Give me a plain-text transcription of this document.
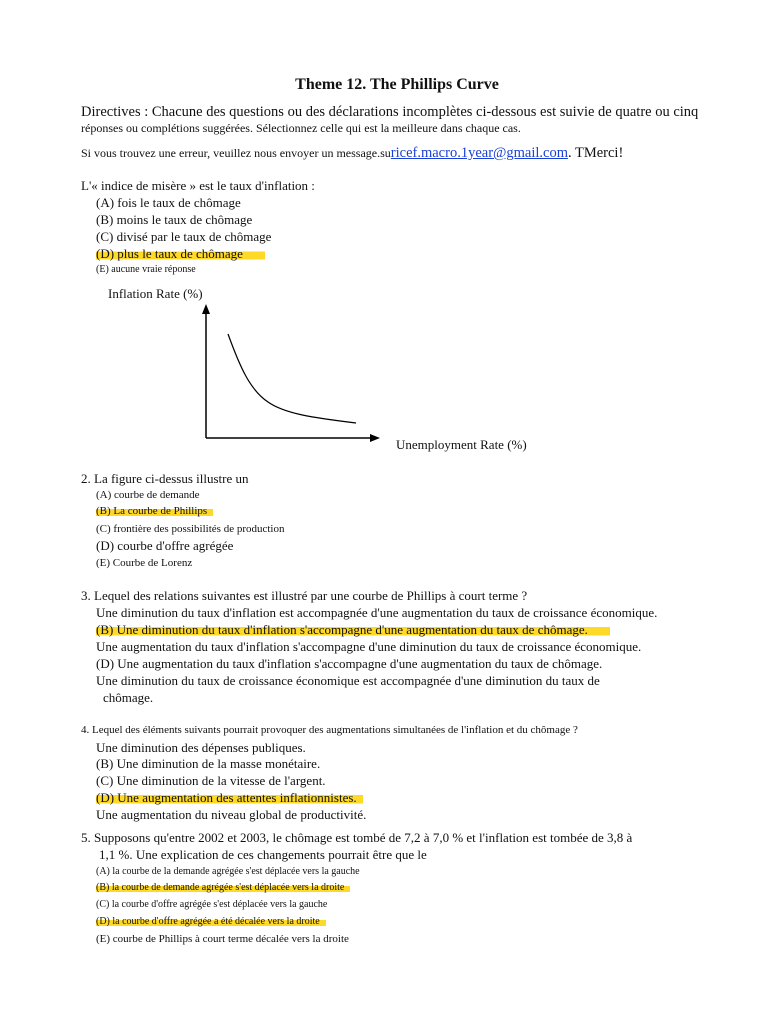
Theme 12. The Phillips Curve
Directives : Chacune des questions ou des déclarations incomplètes ci-dessous est suivie de quatre ou cinq
réponses ou complétions suggérées. Sélectionnez celle qui est la meilleure dans chaque cas.
Si vous trouvez une erreur, veuillez nous envoyer un message.suricef.macro.1year@gmail.com. TMerci!
L'« indice de misère » est le taux d'inflation :
(A) fois le taux de chômage
(B) moins le taux de chômage
(C) divisé par le taux de chômage
(D) plus le taux de chômage
(E) aucune vraie réponse
Inflation Rate (%)
Unemployment Rate (%)
2. La figure ci-dessus illustre un
(A) courbe de demande
(B) La courbe de Phillips
(C) frontière des possibilités de production
(D) courbe d'offre agrégée
(E) Courbe de Lorenz
3. Lequel des relations suivantes est illustré par une courbe de Phillips à court terme ?
Une diminution du taux d'inflation est accompagnée d'une augmentation du taux de croissance économique.
(B) Une diminution du taux d'inflation s'accompagne d'une augmentation du taux de chômage.
Une augmentation du taux d'inflation s'accompagne d'une diminution du taux de croissance économique.
(D) Une augmentation du taux d'inflation s'accompagne d'une augmentation du taux de chômage.
Une diminution du taux de croissance économique est accompagnée d'une diminution du taux de
chômage.
4. Lequel des éléments suivants pourrait provoquer des augmentations simultanées de l'inflation et du chômage ?
Une diminution des dépenses publiques.
(B) Une diminution de la masse monétaire.
(C) Une diminution de la vitesse de l'argent.
(D) Une augmentation des attentes inflationnistes.
Une augmentation du niveau global de productivité.
5. Supposons qu'entre 2002 et 2003, le chômage est tombé de 7,2 à 7,0 % et l'inflation est tombée de 3,8 à
1,1 %. Une explication de ces changements pourrait être que le
(A) la courbe de la demande agrégée s'est déplacée vers la gauche
(B) la courbe de demande agrégée s'est déplacée vers la droite
(C) la courbe d'offre agrégée s'est déplacée vers la gauche
(D) la courbe d'offre agrégée a été décalée vers la droite
(E) courbe de Phillips à court terme décalée vers la droite
